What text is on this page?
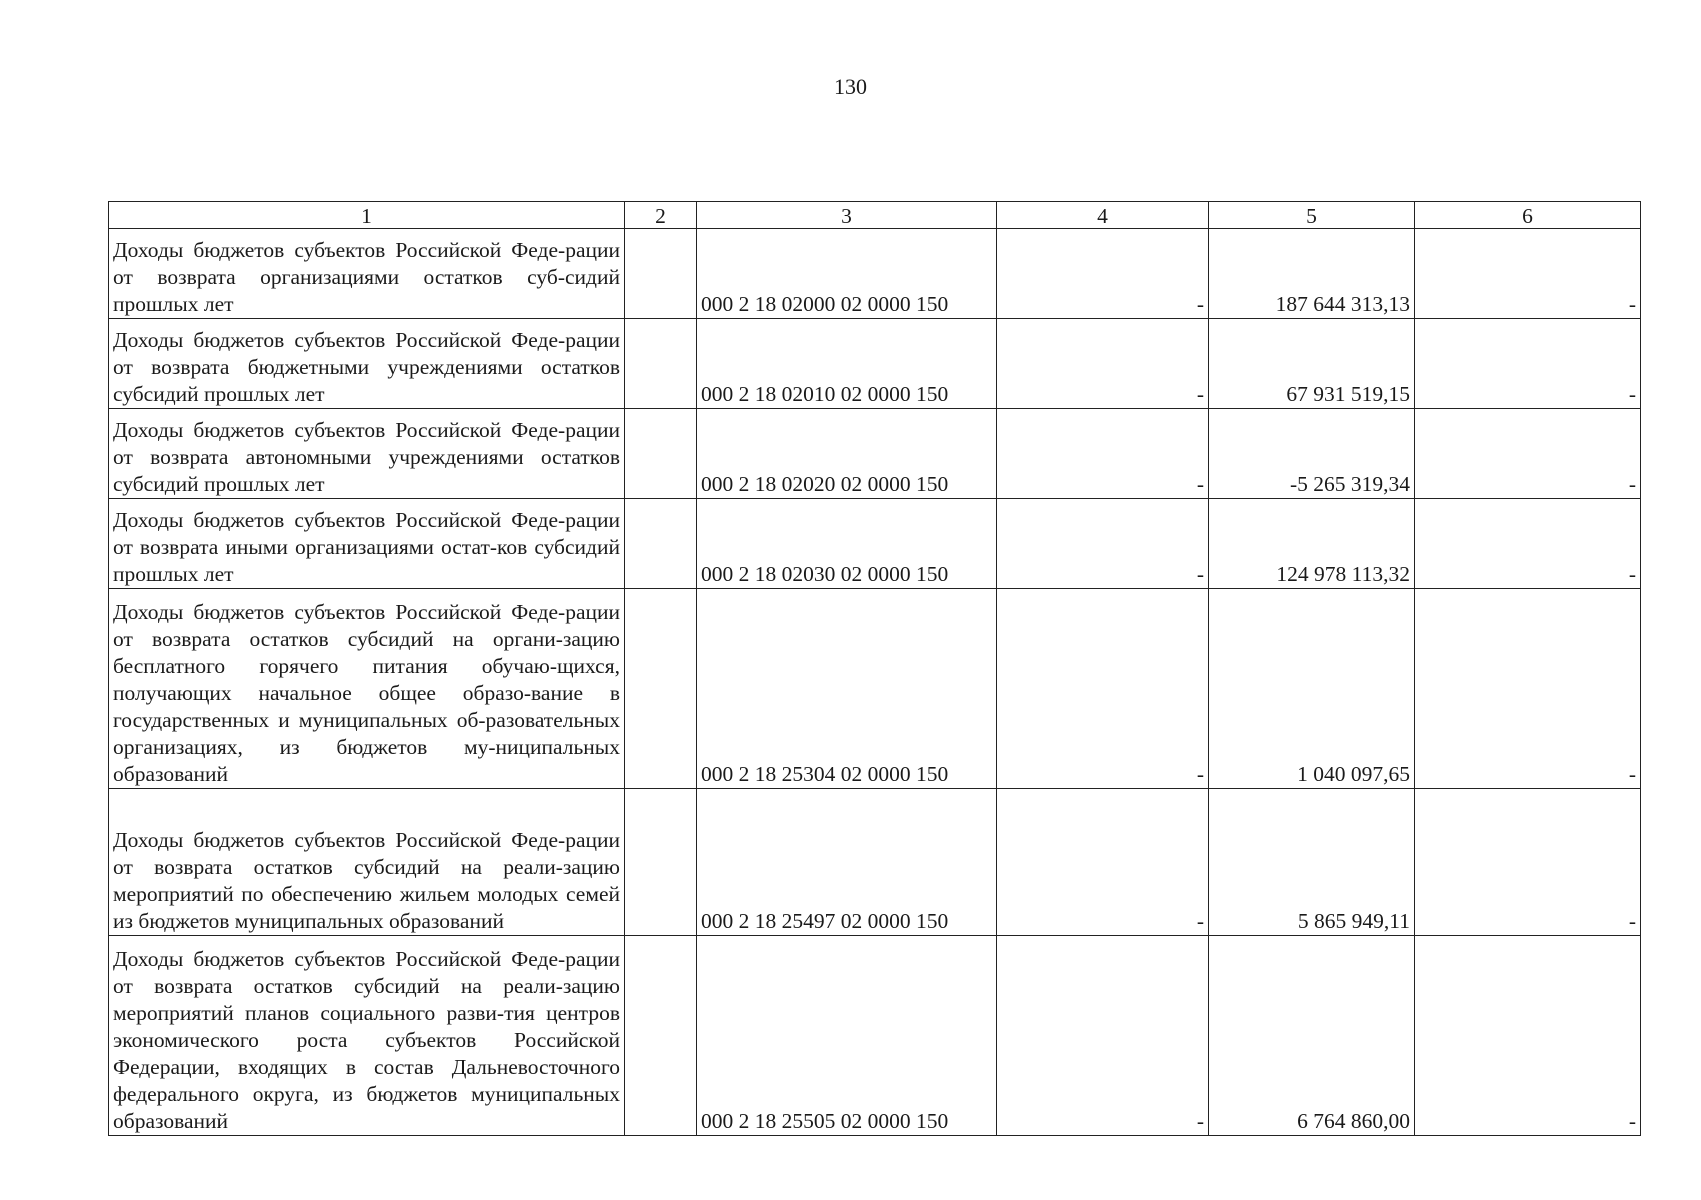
130
1	2	3	4	5	6
Доходы бюджетов субъектов Российской Феде-рации от возврата организациями остатков суб-сидий прошлых лет		000 2 18 02000 02 0000 150	-	187 644 313,13	-
Доходы бюджетов субъектов Российской Феде-рации от возврата бюджетными учреждениями остатков субсидий прошлых лет		000 2 18 02010 02 0000 150	-	67 931 519,15	-
Доходы бюджетов субъектов Российской Феде-рации от возврата автономными учреждениями остатков субсидий прошлых лет		000 2 18 02020 02 0000 150	-	-5 265 319,34	-
Доходы бюджетов субъектов Российской Феде-рации от возврата иными организациями остат-ков субсидий прошлых лет		000 2 18 02030 02 0000 150	-	124 978 113,32	-
Доходы бюджетов субъектов Российской Феде-рации от возврата остатков субсидий на органи-зацию бесплатного горячего питания обучаю-щихся, получающих начальное общее образо-вание в государственных и муниципальных об-разовательных организациях, из бюджетов му-ниципальных образований		000 2 18 25304 02 0000 150	-	1 040 097,65	-
Доходы бюджетов субъектов Российской Феде-рации от возврата остатков субсидий на реали-зацию мероприятий по обеспечению жильем молодых семей из бюджетов муниципальных образований		000 2 18 25497 02 0000 150	-	5 865 949,11	-
Доходы бюджетов субъектов Российской Феде-рации от возврата остатков субсидий на реали-зацию мероприятий планов социального разви-тия центров экономического роста субъектов Российской Федерации, входящих в состав Дальневосточного федерального округа, из бюджетов муниципальных образований		000 2 18 25505 02 0000 150	-	6 764 860,00	-
